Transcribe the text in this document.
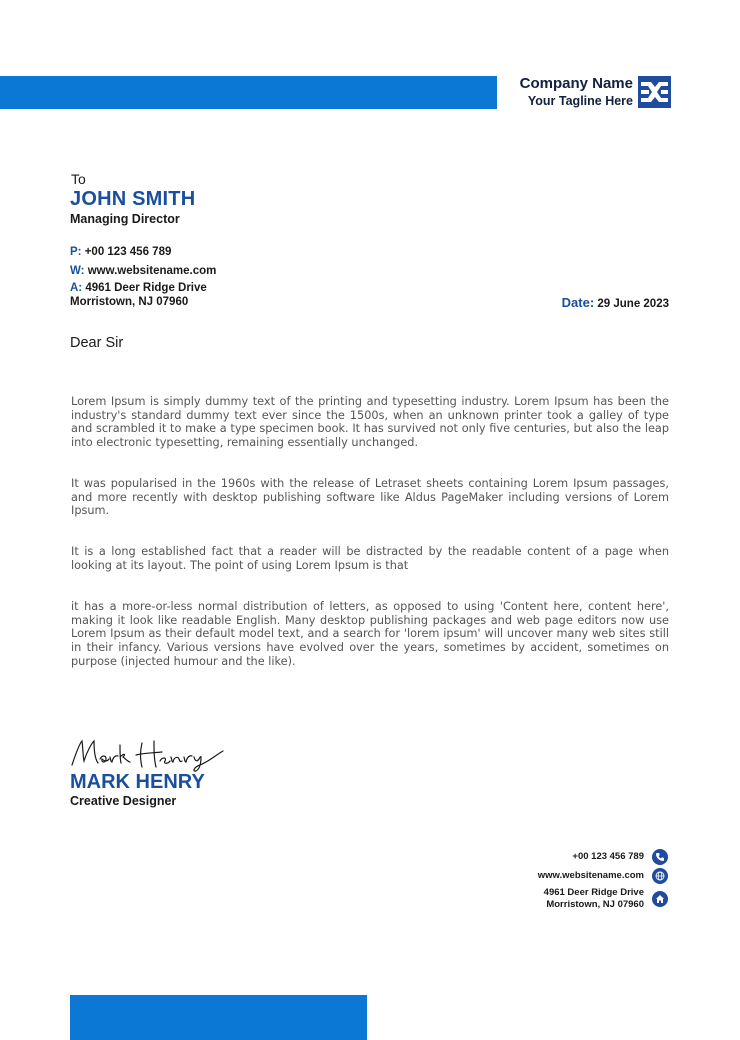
Company Name
Your Tagline Here
To
JOHN SMITH
Managing Director
P: +00 123 456 789
W: www.websitename.com
A: 4961 Deer Ridge Drive
Morristown, NJ 07960	Date: 29 June 2023
Dear Sir

Lorem Ipsum is simply dummy text of the printing and typesetting industry. Lorem Ipsum has been the industry's standard dummy text ever since the 1500s, when an unknown printer took a galley of type and scrambled it to make a type specimen book. It has survived not only five centuries, but also the leap into electronic typesetting, remaining essentially unchanged.

It was popularised in the 1960s with the release of Letraset sheets containing Lorem Ipsum passages, and more recently with desktop publishing software like Aldus PageMaker including versions of Lorem Ipsum.

It is a long established fact that a reader will be distracted by the readable content of a page when looking at its layout. The point of using Lorem Ipsum is that

it has a more-or-less normal distribution of letters, as opposed to using 'Content here, content here', making it look like readable English. Many desktop publishing packages and web page editors now use Lorem Ipsum as their default model text, and a search for 'lorem ipsum' will uncover many web sites still in their infancy. Various versions have evolved over the years, sometimes by accident, sometimes on purpose (injected humour and the like).

MARK HENRY
Creative Designer
+00 123 456 789
www.websitename.com
4961 Deer Ridge Drive
Morristown, NJ 07960
